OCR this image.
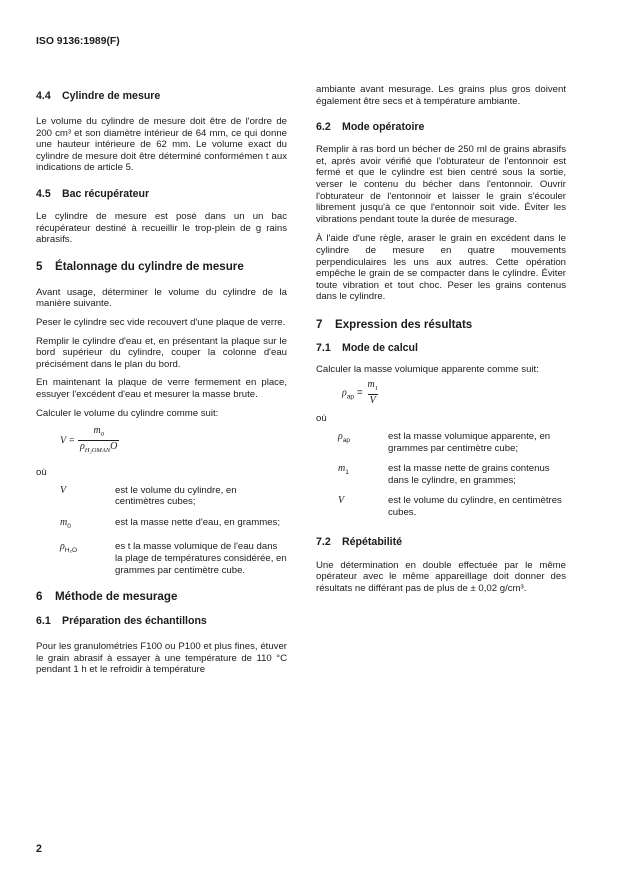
ISO 9136:1989(F)

4.4 Cylindre de mesure

Le volume du cylindre de mesure doit être de l'ordre de 200 cm³ et son diamètre intérieur de 64 mm, ce qui donne une hauteur intérieure de 62 mm. Le volume exact du cylindre de mesure doit être déterminé conformémen t aux indications de article 5.

4.5 Bac récupérateur

Le cylindre de mesure est posé dans un un bac récupérateur destiné à recueillir le trop-plein de g rains abrasifs.

5 Étalonnage du cylindre de mesure

Avant usage, déterminer le volume du cylindre de la manière suivante.

Peser le cylindre sec vide recouvert d'une plaque de verre.

Remplir le cylindre d'eau et, en présentant la plaque sur le bord supérieur du cylindre, couper la colonne d'eau précisément dans le plan du bord.

En maintenant la plaque de verre fermement en place, essuyer l'excédent d'eau et mesurer la masse brute.

Calculer le volume du cylindre comme suit:

$V = \frac{m_0}{\rho_{H_2OMAN}O}$

où

V	est le volume du cylindre, en centimètres cubes;
$m_0$	est la masse nette d'eau, en grammes;
$\rho_{H_2O}$	es t la masse volumique de l'eau dans la plage de températures considérée, en grammes par centimètre cube.

6 Méthode de mesurage

6.1 Préparation des échantillons

Pour les granulométries F100 ou P100 et plus fines, étuver le grain abrasif à essayer à une température de 110 °C pendant 1 h et le refroidir à température

ambiante avant mesurage. Les grains plus gros doivent également être secs et à température ambiante.

6.2 Mode opératoire

Remplir à ras bord un bécher de 250 ml de grains abrasifs et, après avoir vérifié que l'obturateur de l'entonnoir est fermé et que le cylindre est bien centré sous la sortie, verser le contenu du bécher dans l'entonnoir. Ouvrir l'obturateur de l'entonnoir et laisser le grain s'écouler librement jusqu'à ce que l'entonnoir soit vide. Éviter les vibrations pendant toute la durée de mesurage.

À l'aide d'une règle, araser le grain en excédent dans le cylindre de mesure en quatre mouvements perpendiculaires les uns aux autres. Cette opération empêche le grain de se compacter dans le cylindre. Éviter toute vibration et tout choc. Peser les grains contenus dans le cylindre.

7 Expression des résultats

7.1 Mode de calcul

Calculer la masse volumique apparente comme suit:

$\rho_{ap} = \frac{m_1}{V}$

où

$\rho_{ap}$	est la masse volumique apparente, en grammes par centimètre cube;
$m_1$	est la masse nette de grains contenus dans le cylindre, en grammes;
V	est le volume du cylindre, en centimètres cubes.

7.2 Répétabilité

Une détermination en double effectuée par le même opérateur avec le même appareillage doit donner des résultats ne différant pas de plus de ± 0,02 g/cm³.

2
